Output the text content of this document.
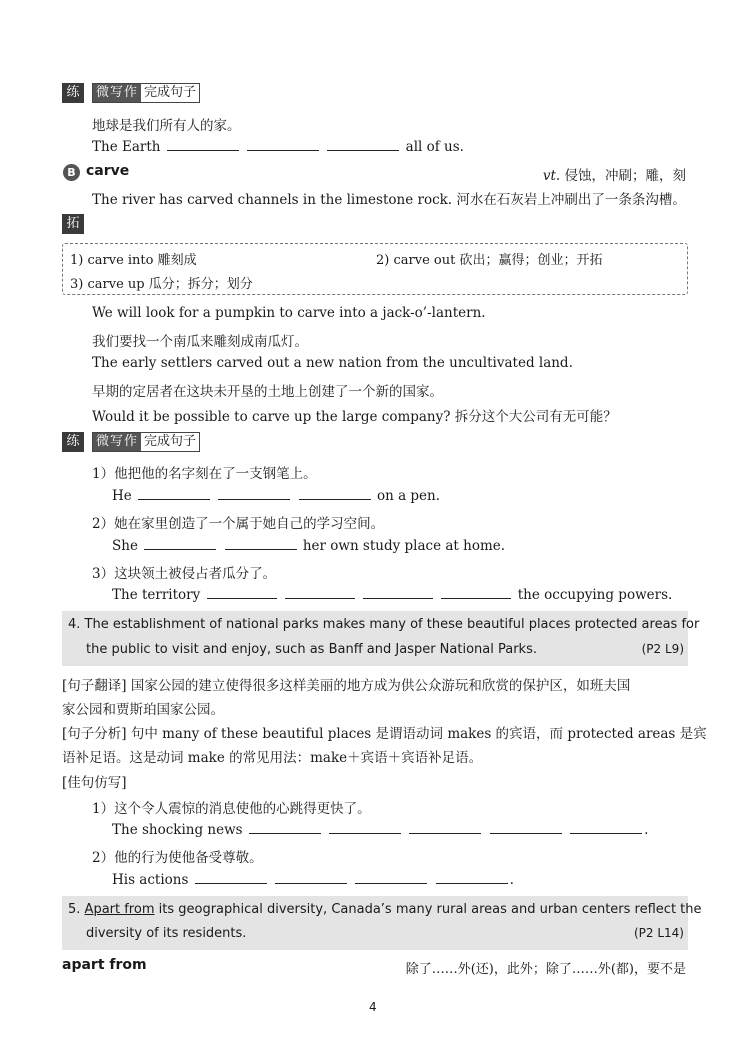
练	微写作 完成句子
地球是我们所有人的家。
The Earth	all of us.
B carve	vt. 侵蚀，冲刷；雕，刻
The river has carved channels in the limestone rock. 河水在石灰岩上冲刷出了一条条沟槽。
拓
1) carve into 雕刻成	2) carve out 砍出；赢得；创业；开拓
3) carve up 瓜分；拆分；划分
We will look for a pumpkin to carve into a jack-o’-lantern.
我们要找一个南瓜来雕刻成南瓜灯。
The early settlers carved out a new nation from the uncultivated land.
早期的定居者在这块未开垦的土地上创建了一个新的国家。
Would it be possible to carve up the large company? 拆分这个大公司有无可能？
练	微写作 完成句子
1）他把他的名字刻在了一支钢笔上。
He	on a pen.
2）她在家里创造了一个属于她自己的学习空间。
She	her own study place at home.
3）这块领土被侵占者瓜分了。
The territory	the occupying powers.
4. The establishment of national parks makes many of these beautiful places protected areas for
the public to visit and enjoy, such as Banff and Jasper National Parks.	(P2 L9)
[句子翻译] 国家公园的建立使得很多这样美丽的地方成为供公众游玩和欣赏的保护区，如班夫国
家公园和贾斯珀国家公园。
[句子分析] 句中 many of these beautiful places 是谓语动词 makes 的宾语，而 protected areas 是宾
语补足语。这是动词 make 的常见用法：make＋宾语＋宾语补足语。
[佳句仿写]
1）这个令人震惊的消息使他的心跳得更快了。
The shocking news	.
2）他的行为使他备受尊敬。
His actions	.
5. Apart from its geographical diversity, Canada’s many rural areas and urban centers reflect the
diversity of its residents.	(P2 L14)
apart from	除了……外(还)，此外；除了……外(都)，要不是
4
